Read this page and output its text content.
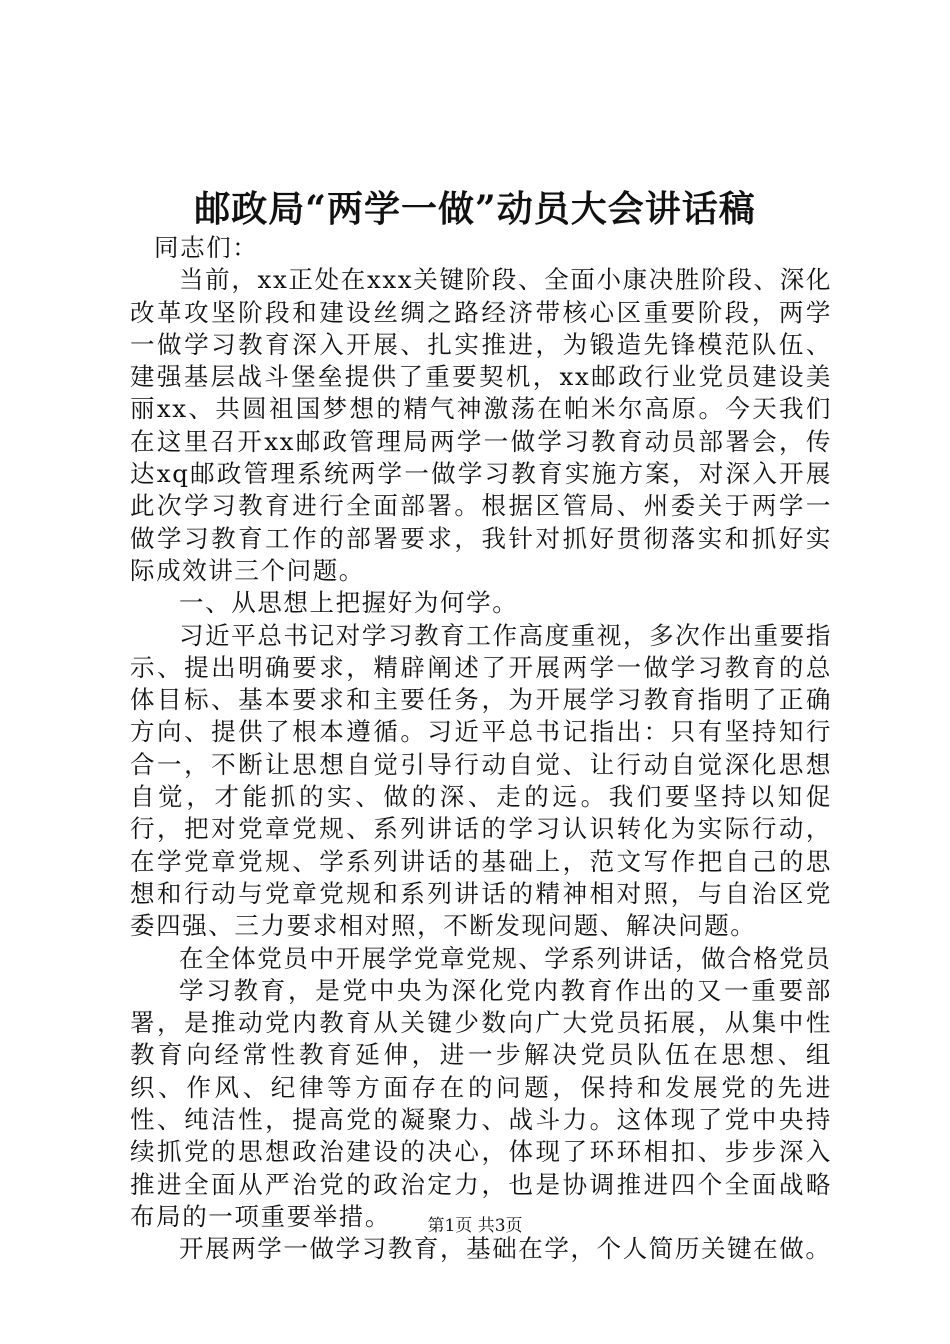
邮政局“两学一做”动员大会讲话稿

同志们：

当前，xx正处在xxx关键阶段、全面小康决胜阶段、深化改革攻坚阶段和建设丝绸之路经济带核心区重要阶段，两学一做学习教育深入开展、扎实推进，为锻造先锋模范队伍、建强基层战斗堡垒提供了重要契机，xx邮政行业党员建设美丽xx、共圆祖国梦想的精气神激荡在帕米尔高原。今天我们在这里召开xx邮政管理局两学一做学习教育动员部署会，传达xq邮政管理系统两学一做学习教育实施方案，对深入开展此次学习教育进行全面部署。根据区管局、州委关于两学一做学习教育工作的部署要求，我针对抓好贯彻落实和抓好实际成效讲三个问题。

一、从思想上把握好为何学。

习近平总书记对学习教育工作高度重视，多次作出重要指示、提出明确要求，精辟阐述了开展两学一做学习教育的总体目标、基本要求和主要任务，为开展学习教育指明了正确方向、提供了根本遵循。习近平总书记指出：只有坚持知行合一，不断让思想自觉引导行动自觉、让行动自觉深化思想自觉，才能抓的实、做的深、走的远。我们要坚持以知促行，把对党章党规、系列讲话的学习认识转化为实际行动，在学党章党规、学系列讲话的基础上，范文写作把自己的思想和行动与党章党规和系列讲话的精神相对照，与自治区党委四强、三力要求相对照，不断发现问题、解决问题。

在全体党员中开展学党章党规、学系列讲话，做合格党员

学习教育，是党中央为深化党内教育作出的又一重要部署，是推动党内教育从关键少数向广大党员拓展，从集中性教育向经常性教育延伸，进一步解决党员队伍在思想、组织、作风、纪律等方面存在的问题，保持和发展党的先进性、纯洁性，提高党的凝聚力、战斗力。这体现了党中央持续抓党的思想政治建设的决心，体现了环环相扣、步步深入推进全面从严治党的政治定力，也是协调推进四个全面战略布局的一项重要举措。

开展两学一做学习教育，基础在学，个人简历关键在做。

第1页 共3页
